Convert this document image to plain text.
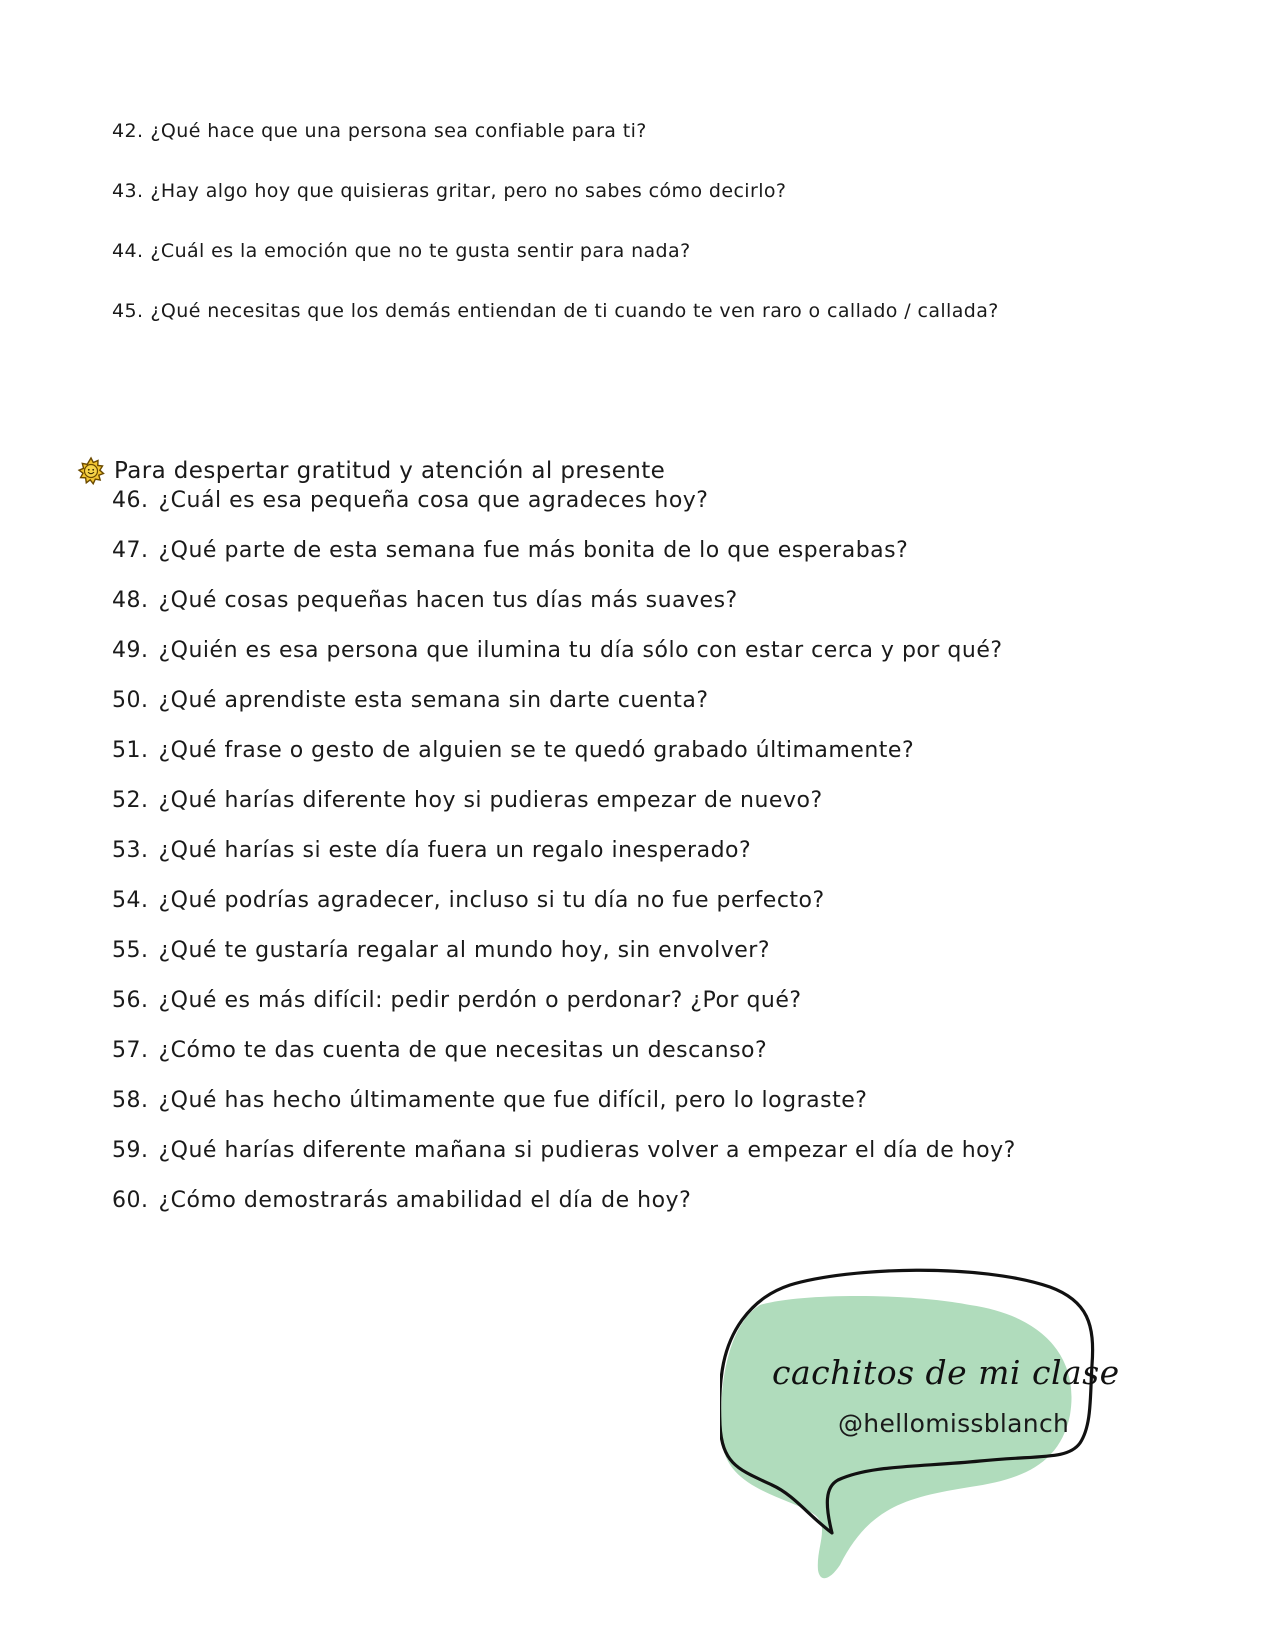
42. ¿Qué hace que una persona sea confiable para ti?
43. ¿Hay algo hoy que quisieras gritar, pero no sabes cómo decirlo?
44. ¿Cuál es la emoción que no te gusta sentir para nada?
45. ¿Qué necesitas que los demás entiendan de ti cuando te ven raro o callado / callada?
Para despertar gratitud y atención al presente
46. ¿Cuál es esa pequeña cosa que agradeces hoy?
47. ¿Qué parte de esta semana fue más bonita de lo que esperabas?
48. ¿Qué cosas pequeñas hacen tus días más suaves?
49. ¿Quién es esa persona que ilumina tu día sólo con estar cerca y por qué?
50. ¿Qué aprendiste esta semana sin darte cuenta?
51. ¿Qué frase o gesto de alguien se te quedó grabado últimamente?
52. ¿Qué harías diferente hoy si pudieras empezar de nuevo?
53. ¿Qué harías si este día fuera un regalo inesperado?
54. ¿Qué podrías agradecer, incluso si tu día no fue perfecto?
55. ¿Qué te gustaría regalar al mundo hoy, sin envolver?
56. ¿Qué es más difícil: pedir perdón o perdonar? ¿Por qué?
57. ¿Cómo te das cuenta de que necesitas un descanso?
58. ¿Qué has hecho últimamente que fue difícil, pero lo lograste?
59. ¿Qué harías diferente mañana si pudieras volver a empezar el día de hoy?
60. ¿Cómo demostrarás amabilidad el día de hoy?
cachitos de mi clase
@hellomissblanch
